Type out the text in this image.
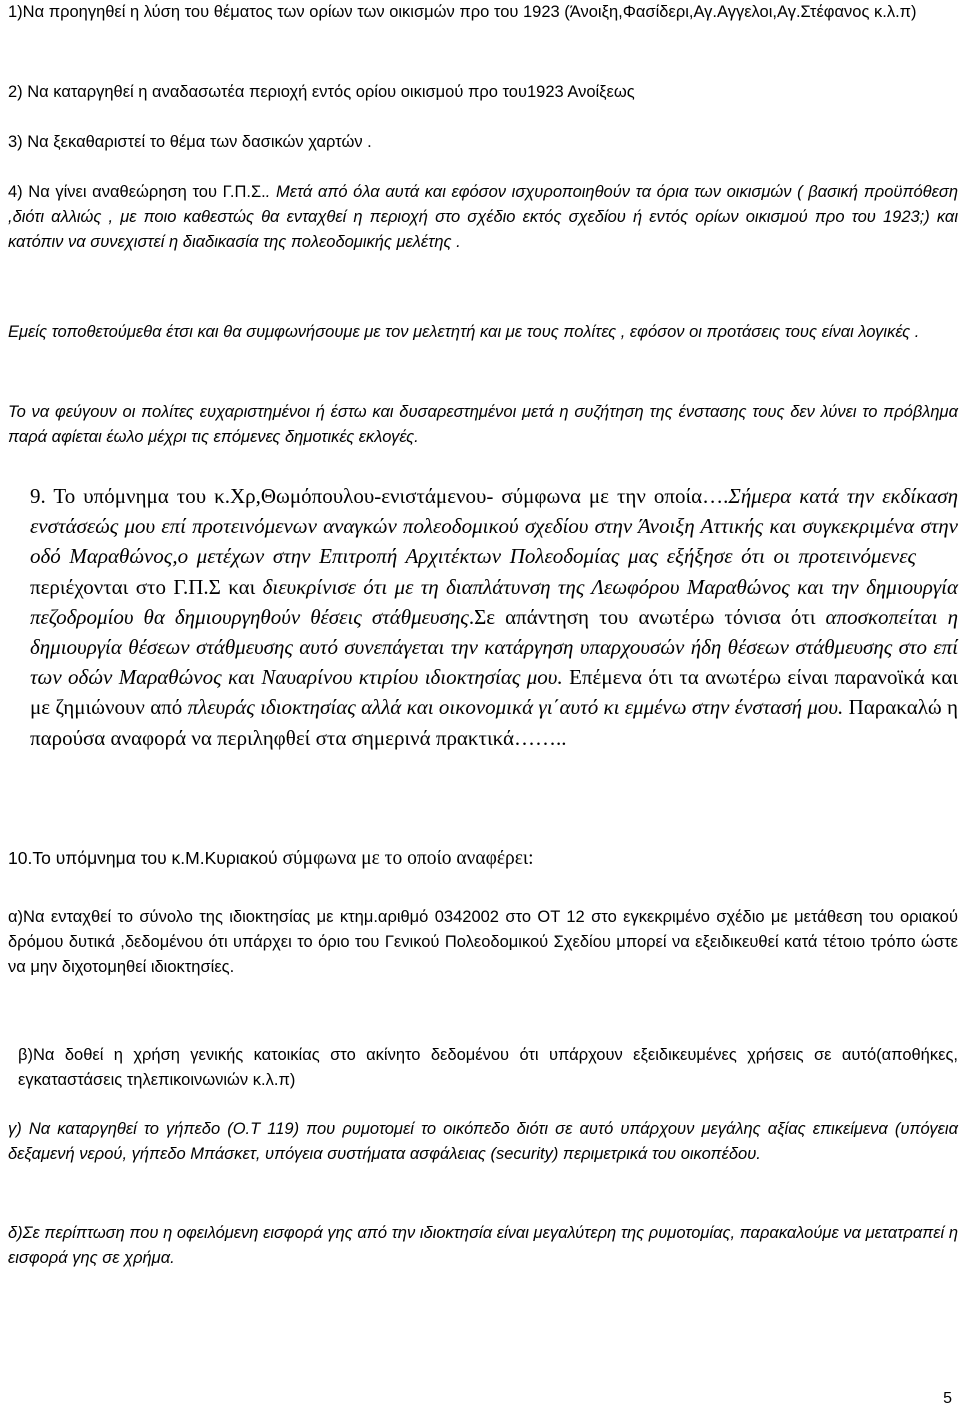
1)Να προηγηθεί η λύση του θέματος των ορίων των οικισμών προ του 1923 (Άνοιξη,Φασίδερι,Αγ.Αγγελοι,Αγ.Στέφανος κ.λ.π)

2) Να καταργηθεί η αναδασωτέα περιοχή εντός ορίου οικισμού προ του1923 Ανοίξεως

3) Να ξεκαθαριστεί το θέμα των δασικών χαρτών .

4) Να γίνει αναθεώρηση του Γ.Π.Σ.. Μετά από όλα αυτά και εφόσον ισχυροποιηθούν τα όρια των οικισμών ( βασική προϋπόθεση ,διότι αλλιώς , με ποιο καθεστώς θα ενταχθεί η περιοχή στο σχέδιο εκτός σχεδίου ή εντός ορίων οικισμού προ του 1923;) και κατόπιν να συνεχιστεί η διαδικασία της πολεοδομικής μελέτης .

Εμείς τοποθετούμεθα έτσι και θα συμφωνήσουμε με τον μελετητή και με τους πολίτες , εφόσον οι προτάσεις τους είναι λογικές .

Το να φεύγουν οι πολίτες ευχαριστημένοι ή έστω και δυσαρεστημένοι μετά η συζήτηση της ένστασης τους δεν λύνει το πρόβλημα παρά αφίεται έωλο μέχρι τις επόμενες δημοτικές εκλογές.

9. Το υπόμνημα του κ.Χρ,Θωμόπουλου-ενιστάμενου- σύμφωνα με την οποία….Σήμερα κατά την εκδίκαση ενστάσεώς μου επί προτεινόμενων αναγκών πολεοδομικού σχεδίου στην Άνοιξη Αττικής και συγκεκριμένα στην οδό Μαραθώνος,ο μετέχων στην Επιτροπή Αρχιτέκτων Πολεοδομίας μας εξήξησε ότι οι προτεινόμενες   περιέχονται στο Γ.Π.Σ και διευκρίνισε ότι με τη διαπλάτυνση της Λεωφόρου Μαραθώνος και την δημιουργία πεζοδρομίου θα δημιουργηθούν θέσεις στάθμευσης.Σε απάντηση του ανωτέρω τόνισα ότι αποσκοπείται η δημιουργία θέσεων στάθμευσης αυτό συνεπάγεται την κατάργηση υπαρχουσών ήδη θέσεων στάθμευσης στο επί των οδών Μαραθώνος και Ναυαρίνου κτιρίου ιδιοκτησίας μου. Επέμενα ότι τα ανωτέρω είναι παρανοϊκά και με ζημιώνουν από πλευράς ιδιοκτησίας αλλά και οικονομικά γι΄αυτό κι εμμένω στην ένστασή μου. Παρακαλώ η παρούσα αναφορά να περιληφθεί στα σημερινά πρακτικά……..

10.Το υπόμνημα του κ.Μ.Κυριακού σύμφωνα με το οποίο αναφέρει:

α)Να ενταχθεί το σύνολο της ιδιοκτησίας με κτημ.αριθμό 0342002 στο ΟΤ 12 στο εγκεκριμένο σχέδιο με μετάθεση του οριακού δρόμου δυτικά ,δεδομένου ότι υπάρχει το όριο του Γενικού Πολεοδομικού Σχεδίου μπορεί να εξειδικευθεί κατά τέτοιο τρόπο ώστε να μην διχοτομηθεί ιδιοκτησίες.

β)Να δοθεί η χρήση γενικής κατοικίας στο ακίνητο δεδομένου ότι υπάρχουν εξειδικευμένες χρήσεις σε αυτό(αποθήκες, εγκαταστάσεις τηλεπικοινωνιών κ.λ.π)

γ) Να καταργηθεί το γήπεδο (Ο.Τ 119) που ρυμοτομεί το οικόπεδο διότι σε αυτό υπάρχουν μεγάλης αξίας επικείμενα (υπόγεια δεξαμενή νερού, γήπεδο Μπάσκετ, υπόγεια συστήματα ασφάλειας (security) περιμετρικά του οικοπέδου.

δ)Σε περίπτωση που η οφειλόμενη εισφορά γης από την ιδιοκτησία είναι μεγαλύτερη της ρυμοτομίας, παρακαλούμε να μετατραπεί η εισφορά γης σε χρήμα.

5
